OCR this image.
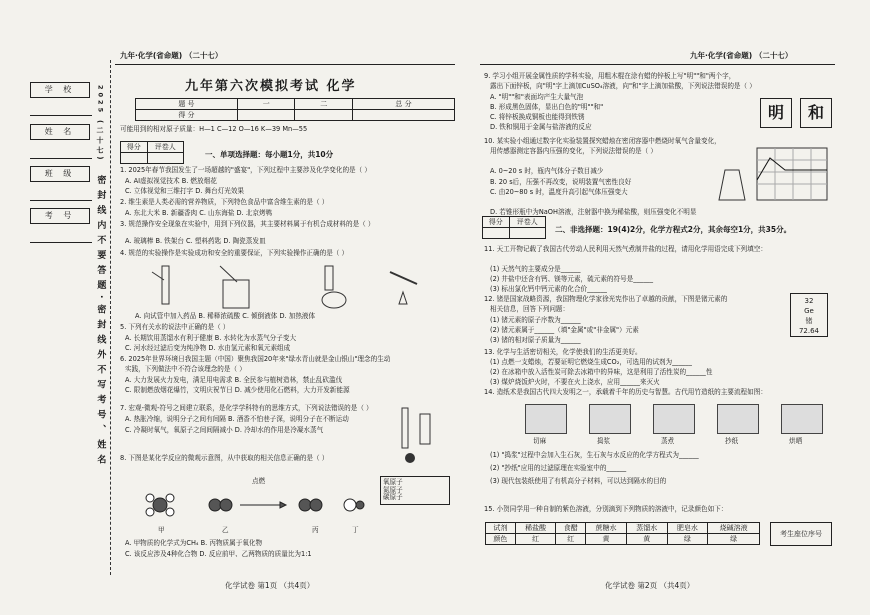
九年·化学(省命题) （二十七）
学 校
姓 名
班 级
考 号
2025
(二十七)
密封线内不要答题·密封线外不写考号、姓名
九年第六次模拟考试 化学
题 号	一	二	总 分
得 分			
可能用到的相对原子质量：H—1 C—12 O—16 K—39 Mn—55
得分	评卷人

一、单项选择题：每小题1分，共10分
1. 2025年春节我国发生了一场超越的"盛宴"，下列过程中主要涉及化学变化的是（ ）
A. AI虚拟视觉技术 B. 燃放烟花
C. 立体视觉和三维打字 D. 舞台灯光效果
2. 维生素是人类必需的营养物质，下列特色食品中富含维生素的是（ ）
A. 东北大米 B. 新疆香肉 C. 山东海盐 D. 北京烤鸭
3. 规范操作安全现象在实验中，用到下列仪器，其主要材料属于有机合成材料的是（ ）
A. 玻璃棒 B. 铁架台 C. 塑料药匙 D. 陶瓷蒸发皿
4. 规范的实验操作是实验成功和安全的重要保证，下列实验操作正确的是（ ）
A. 向试管中加入药品 B. 稀释浓硫酸 C. 倾倒液体 D. 加热液体
5. 下列有关水的说法中正确的是（ ）
A. 长期饮用蒸馏水有利于健康 B. 水转化为水蒸气分子变大
C. 河水经过滤后变为纯净物 D. 水由氢元素和氧元素组成
6. 2025年世界环境日我国主题（中国）聚焦我国20年来"绿水青山就是金山银山"理念的生动
实践，下列做法中不符合该理念的是（ ）
A. 大力发展火力发电，满足用电需求 B. 全民参与植树造林，禁止乱砍滥伐
C. 限制燃放烟花爆竹，文明庆祝节日 D. 减少使用化石燃料，大力开发新能源
7. 宏观-微观-符号之间建立联系，是化学学科特有的思维方式，下列说法错误的是（ ）
A. 热胀冷缩，说明分子之间有间隔 B. 酒香不怕巷子深，说明分子在不断运动
C. 冷凝时氧气，氧原子之间间隔减小 D. 冷却水的作用是冷凝水蒸气
8. 下图是某化学反应的微观示意图，从中获取的相关信息正确的是（ ）
甲	乙	丙	丁
点燃	氧原子
氮原子
碳原子
A. 甲物质的化学式为CH₄ B. 丙物质属于氧化物
C. 该反应涉及4种化合物 D. 反应前甲、乙两物质的质量比为1:1
化学试卷 第1页 （共4页）
九年·化学(省命题) （二十七）
9. 学习小组开展金属性质的学科实验，用粗木棍在涂有蜡的锌板上写"明""和"两个字，
露出下面锌板，向"明"字上滴加CuSO₄溶液，向"和"字上滴加盐酸，下列说法错误的是（ ）
A. "明""和"表面均产生大量气泡
B. 形成黑色固体，显出白色的"明""和"
C. 将锌板换成铜板也能得到铁锈
D. 铁和铜用于金属与盐溶液的反应
明	和
10. 某实验小组通过数字化实验装置探究蜡烛在密闭容器中燃烧时氧气含量变化，
用传感器测定容器内压强的变化，下列说法错误的是（ ）
A. 0~20 s 时，瓶内气体分子数目减少
B. 20 s后，压强不再改变，说明装置气密性良好
C. 由20~80 s 时，温度升高引起气体压强变大
D. 若锥形瓶中为NaOH溶液，注射器中换为稀盐酸，则压强变化不明显
得分	评卷人

二、非选择题：19(4)2分，化学方程式2分，其余每空1分，共35分。
11. 天工开物记载了我国古代劳动人民利用天然气煮制井盐的过程，请用化学用语完成下列填空：
(1) 天然气的主要成分是______
(2) 井盐中还含有钙、镁等元素，硫元素的符号是______
(3) 标出氯化钙中钙元素的化合价______
12. 锗是国家战略资源，我国物理化学家徐光宪作出了卓越的贡献，下图是锗元素的
相关信息，回答下列问题：
(1) 锗元素的原子序数为______
(2) 锗元素属于______（填"金属"或"非金属"）元素
(3) 锗的相对原子质量为______
32
Ge
锗
72.64
13. 化学与生活密切相关，化学使我们的生活更美好。
(1) 点燃一支蜡烛，若要证明它燃烧生成CO₂，可选用的试剂为______
(2) 在冰箱中放入活性炭可除去冰箱中的异味，这是利用了活性炭的______性
(3) 煤炉烧饭炉火时，不要在火上浇水，应用______来灭火
14. 造纸术是我国古代四大发明之一，承载着千年的历史与智慧。古代用竹造纸的主要流程如图：
切麻	捣浆	蒸煮	抄纸	烘晒
(1) "捣浆"过程中会加入生石灰，生石灰与水反应的化学方程式为______
(2) "抄纸"应用的过滤原理在实验室中的______
(3) 现代包装纸使用了有机高分子材料，可以达到隔水的目的
15. 小贺同学用一种自制的紫色溶液，分别滴到下列物质的溶液中，记录颜色如下：
试剂	稀盐酸	食醋	蔗糖水	蒸馏水	肥皂水	烧碱溶液
颜色	红	红	黄	黄	绿	绿
考生座位序号
化学试卷 第2页 （共4页）
